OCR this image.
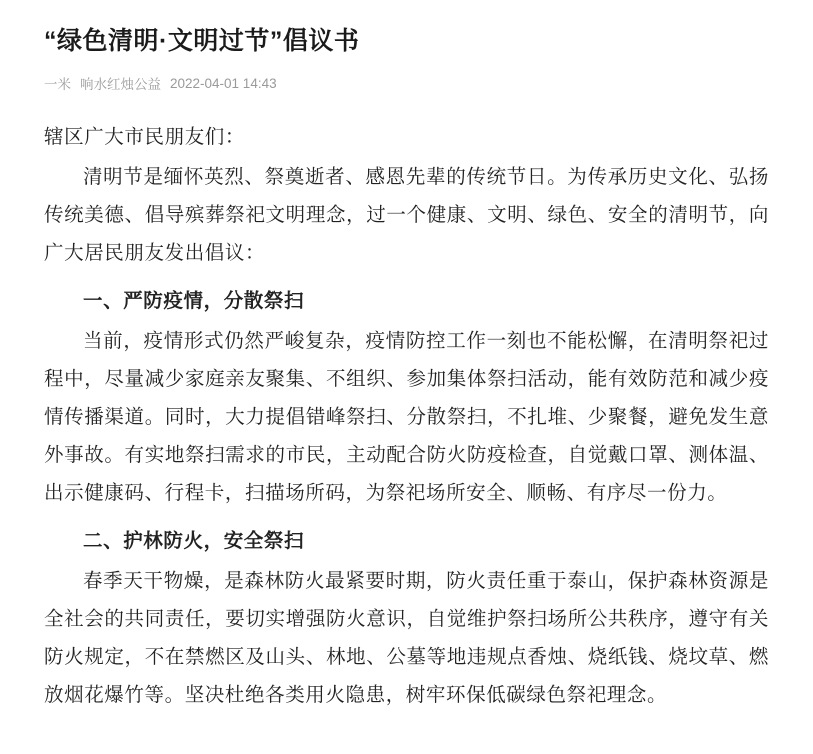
“绿色清明·文明过节”倡议书
一米 响水红烛公益 2022-04-01 14:43

辖区广大市民朋友们：

清明节是缅怀英烈、祭奠逝者、感恩先辈的传统节日。为传承历史文化、弘扬传统美德、倡导殡葬祭祀文明理念，过一个健康、文明、绿色、安全的清明节，向广大居民朋友发出倡议：

一、严防疫情，分散祭扫

当前，疫情形式仍然严峻复杂，疫情防控工作一刻也不能松懈，在清明祭祀过程中，尽量减少家庭亲友聚集、不组织、参加集体祭扫活动，能有效防范和减少疫情传播渠道。同时，大力提倡错峰祭扫、分散祭扫，不扎堆、少聚餐，避免发生意外事故。有实地祭扫需求的市民，主动配合防火防疫检查，自觉戴口罩、测体温、出示健康码、行程卡，扫描场所码，为祭祀场所安全、顺畅、有序尽一份力。

二、护林防火，安全祭扫

春季天干物燥，是森林防火最紧要时期，防火责任重于泰山，保护森林资源是全社会的共同责任，要切实增强防火意识，自觉维护祭扫场所公共秩序，遵守有关防火规定，不在禁燃区及山头、林地、公墓等地违规点香烛、烧纸钱、烧坟草、燃放烟花爆竹等。坚决杜绝各类用火隐患，树牢环保低碳绿色祭祀理念。
